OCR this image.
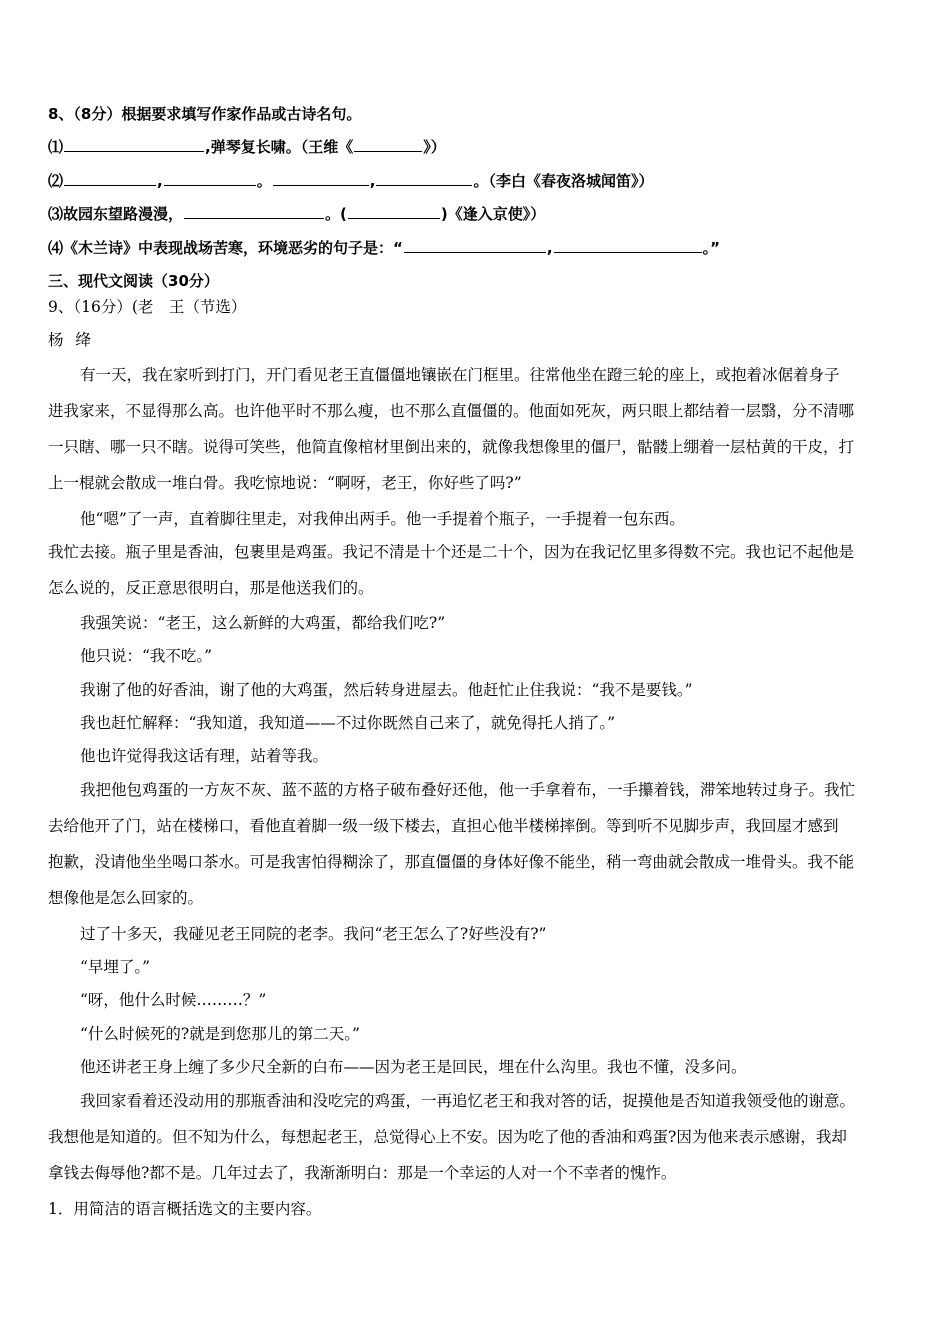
8、（8分）根据要求填写作家作品或古诗名句。
⑴	,弹琴复长啸。（王维《	》）
⑵	,	。	,	。（李白《春夜洛城闻笛》）
⑶故园东望路漫漫，	。(	)《逢入京使》）
⑷《木兰诗》中表现战场苦寒，环境恶劣的句子是：“	,	。”
三、现代文阅读（30分）
9、（16分）(老　王（节选）
杨 绛
有一天，我在家听到打门，开门看见老王直僵僵地镶嵌在门框里。往常他坐在蹬三轮的座上，或抱着冰倨着身子
进我家来，不显得那么高。也许他平时不那么瘦，也不那么直僵僵的。他面如死灰，两只眼上都结着一层翳，分不清哪
一只瞎、哪一只不瞎。说得可笑些，他简直像棺材里倒出来的，就像我想像里的僵尸，骷髅上绷着一层枯黄的干皮，打
上一棍就会散成一堆白骨。我吃惊地说：“啊呀，老王，你好些了吗?”
他“嗯”了一声，直着脚往里走，对我伸出两手。他一手提着个瓶子，一手提着一包东西。
我忙去接。瓶子里是香油，包裹里是鸡蛋。我记不清是十个还是二十个，因为在我记忆里多得数不完。我也记不起他是
怎么说的，反正意思很明白，那是他送我们的。
我强笑说：“老王，这么新鲜的大鸡蛋，都给我们吃?”
他只说：“我不吃。”
我谢了他的好香油，谢了他的大鸡蛋，然后转身进屋去。他赶忙止住我说：“我不是要钱。”
我也赶忙解释：“我知道，我知道——不过你既然自己来了，就免得托人捎了。”
他也许觉得我这话有理，站着等我。
我把他包鸡蛋的一方灰不灰、蓝不蓝的方格子破布叠好还他，他一手拿着布，一手攥着钱，滞笨地转过身子。我忙
去给他开了门，站在楼梯口，看他直着脚一级一级下楼去，直担心他半楼梯摔倒。等到听不见脚步声，我回屋才感到
抱歉，没请他坐坐喝口茶水。可是我害怕得糊涂了，那直僵僵的身体好像不能坐，稍一弯曲就会散成一堆骨头。我不能
想像他是怎么回家的。
过了十多天，我碰见老王同院的老李。我问“老王怎么了?好些没有?”
“早埋了。”
“呀，他什么时候………？”
“什么时候死的?就是到您那儿的第二天。”
他还讲老王身上缠了多少尺全新的白布——因为老王是回民，埋在什么沟里。我也不懂，没多问。
我回家看着还没动用的那瓶香油和没吃完的鸡蛋，一再追忆老王和我对答的话，捉摸他是否知道我领受他的谢意。
我想他是知道的。但不知为什么，每想起老王，总觉得心上不安。因为吃了他的香油和鸡蛋?因为他来表示感谢，我却
拿钱去侮辱他?都不是。几年过去了，我渐渐明白：那是一个幸运的人对一个不幸者的愧怍。
1．用简洁的语言概括选文的主要内容。
